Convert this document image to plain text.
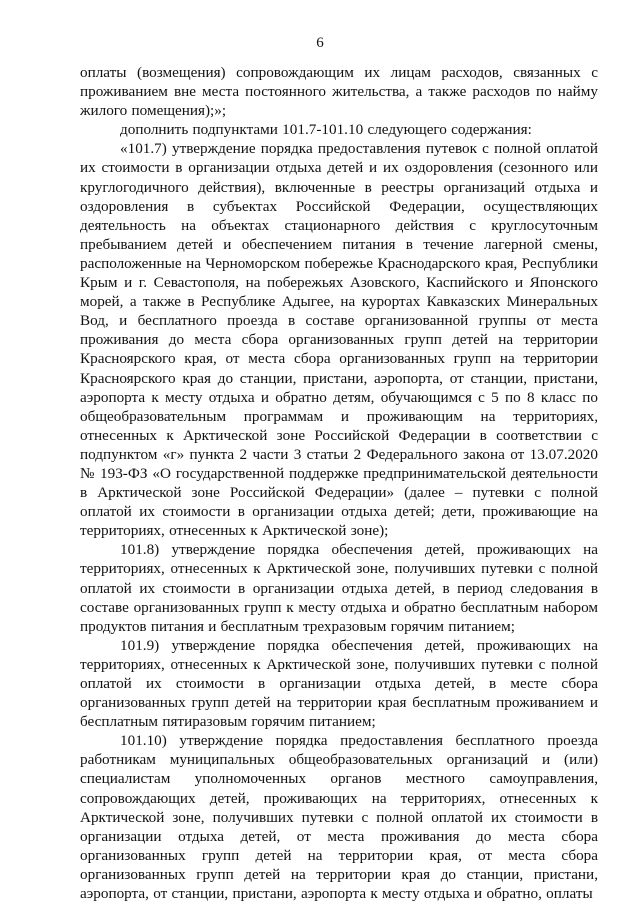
6

оплаты (возмещения) сопровождающим их лицам расходов, связанных с проживанием вне места постоянного жительства, а также расходов по найму жилого помещения);»;

дополнить подпунктами 101.7-101.10 следующего содержания:

«101.7) утверждение порядка предоставления путевок с полной оплатой их стоимости в организации отдыха детей и их оздоровления (сезонного или круглогодичного действия), включенные в реестры организаций отдыха и оздоровления в субъектах Российской Федерации, осуществляющих деятельность на объектах стационарного действия с круглосуточным пребыванием детей и обеспечением питания в течение лагерной смены, расположенные на Черноморском побережье Краснодарского края, Республики Крым и г. Севастополя, на побережьях Азовского, Каспийского и Японского морей, а также в Республике Адыгее, на курортах Кавказских Минеральных Вод, и бесплатного проезда в составе организованной группы от места проживания до места сбора организованных групп детей на территории Красноярского края, от места сбора организованных групп на территории Красноярского края до станции, пристани, аэропорта, от станции, пристани, аэропорта к месту отдыха и обратно детям, обучающимся с 5 по 8 класс по общеобразовательным программам и проживающим на территориях, отнесенных к Арктической зоне Российской Федерации в соответствии с подпунктом «г» пункта 2 части 3 статьи 2 Федерального закона от 13.07.2020 № 193-ФЗ «О государственной поддержке предпринимательской деятельности в Арктической зоне Российской Федерации» (далее – путевки с полной оплатой их стоимости в организации отдыха детей; дети, проживающие на территориях, отнесенных к Арктической зоне);

101.8) утверждение порядка обеспечения детей, проживающих на территориях, отнесенных к Арктической зоне, получивших путевки с полной оплатой их стоимости в организации отдыха детей, в период следования в составе организованных групп к месту отдыха и обратно бесплатным набором продуктов питания и бесплатным трехразовым горячим питанием;

101.9) утверждение порядка обеспечения детей, проживающих на территориях, отнесенных к Арктической зоне, получивших путевки с полной оплатой их стоимости в организации отдыха детей, в месте сбора организованных групп детей на территории края бесплатным проживанием и бесплатным пятиразовым горячим питанием;

101.10) утверждение порядка предоставления бесплатного проезда работникам муниципальных общеобразовательных организаций и (или) специалистам уполномоченных органов местного самоуправления, сопровождающих детей, проживающих на территориях, отнесенных к Арктической зоне, получивших путевки с полной оплатой их стоимости в организации отдыха детей, от места проживания до места сбора организованных групп детей на территории края, от места сбора организованных групп детей на территории края до станции, пристани, аэропорта, от станции, пристани, аэропорта к месту отдыха и обратно, оплаты
